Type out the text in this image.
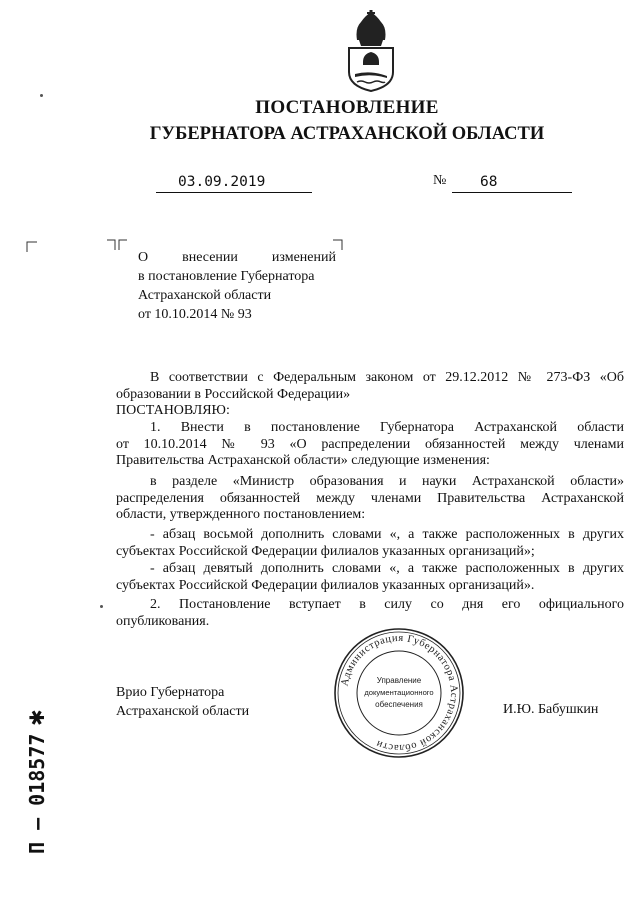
ПОСТАНОВЛЕНИЕ
ГУБЕРНАТОРА АСТРАХАНСКОЙ ОБЛАСТИ
03.09.2019	№	68
О внесении изменений
в постановление Губернатора
Астраханской области
от 10.10.2014 № 93
В соответствии с Федеральным законом от 29.12.2012 № 273-ФЗ «Об
образовании в Российской Федерации»
ПОСТАНОВЛЯЮ:
1. Внести в постановление Губернатора Астраханской области
от 10.10.2014 № 93 «О распределении обязанностей между членами
Правительства Астраханской области» следующие изменения:
в разделе «Министр образования и науки Астраханской области»
распределения обязанностей между членами Правительства Астраханской
области, утвержденного постановлением:
- абзац восьмой дополнить словами «, а также расположенных в других
субъектах Российской Федерации филиалов указанных организаций»;
- абзац девятый дополнить словами «, а также расположенных в других
субъектах Российской Федерации филиалов указанных организаций».
2. Постановление вступает в силу со дня его официального
опубликования.
Врио Губернатора
Астраханской области	И.Ю. Бабушкин
Администрация Губернатора Астраханской области
Управление
документационного
обеспечения
П – 018577
✱
